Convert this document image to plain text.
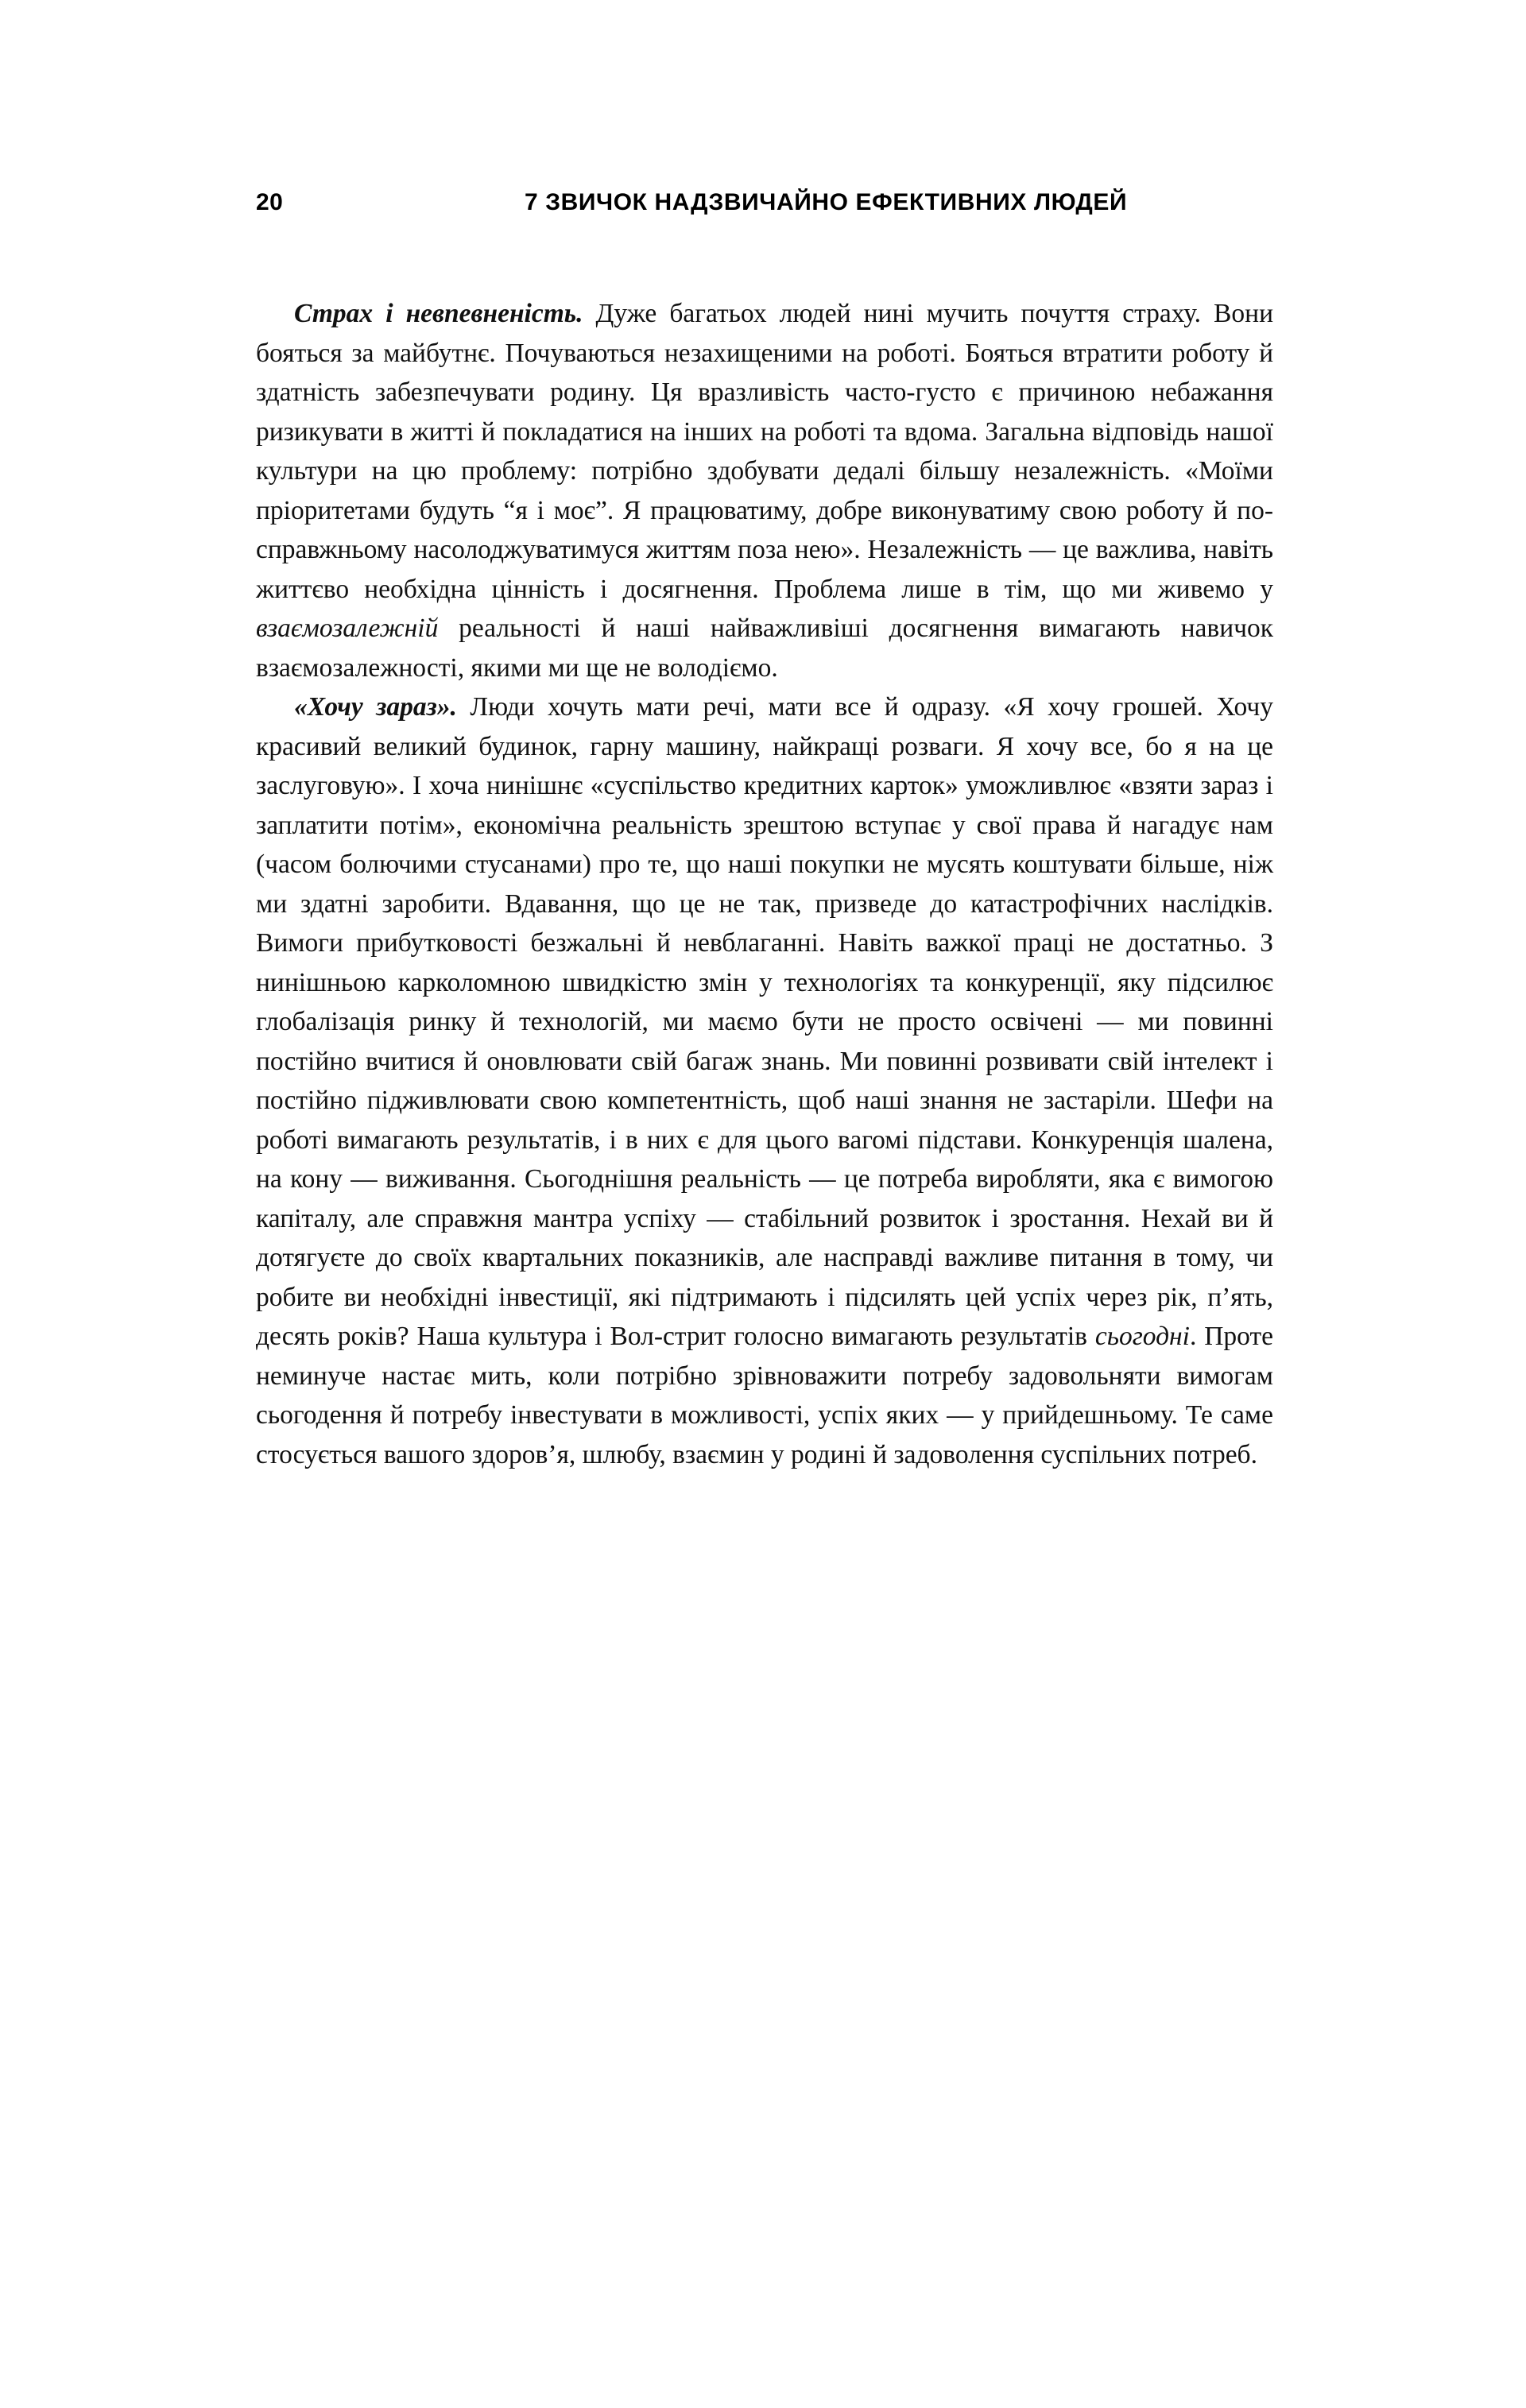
20	7 ЗВИЧОК НАДЗВИЧАЙНО ЕФЕКТИВНИХ ЛЮДЕЙ

Страх і невпевненість. Дуже багатьох людей нині мучить почуття страху. Вони бояться за майбутнє. Почуваються незахищеними на роботі. Бояться втратити роботу й здатність забезпечувати родину. Ця вразливість часто-густо є причиною небажання ризикувати в житті й покладатися на інших на роботі та вдома. Загальна відповідь нашої культури на цю проблему: потрібно здобувати дедалі більшу незалежність. «Моїми пріоритетами будуть “я і моє”. Я працюватиму, добре виконуватиму свою роботу й по-справжньому насолоджуватимуся життям поза нею». Незалежність — це важлива, навіть життєво необхідна цінність і досягнення. Проблема лише в тім, що ми живемо у взаємозалежній реальності й наші найважливіші досягнення вимагають навичок взаємозалежності, якими ми ще не володіємо.

«Хочу зараз». Люди хочуть мати речі, мати все й одразу. «Я хочу грошей. Хочу красивий великий будинок, гарну машину, найкращі розваги. Я хочу все, бо я на це заслуговую». І хоча нинішнє «суспільство кредитних карток» уможливлює «взяти зараз і заплатити потім», економічна реальність зрештою вступає у свої права й нагадує нам (часом болючими стусанами) про те, що наші покупки не мусять коштувати більше, ніж ми здатні заробити. Вдавання, що це не так, призведе до катастрофічних наслідків. Вимоги прибутковості безжальні й невблаганні. Навіть важкої праці не достатньо. З нинішньою карколомною швидкістю змін у технологіях та конкуренції, яку підсилює глобалізація ринку й технологій, ми маємо бути не просто освічені — ми повинні постійно вчитися й оновлювати свій багаж знань. Ми повинні розвивати свій інтелект і постійно підживлювати свою компетентність, щоб наші знання не застаріли. Шефи на роботі вимагають результатів, і в них є для цього вагомі підстави. Конкуренція шалена, на кону — виживання. Сьогоднішня реальність — це потреба виробляти, яка є вимогою капіталу, але справжня мантра успіху — стабільний розвиток і зростання. Нехай ви й дотягуєте до своїх квартальних показників, але насправді важливе питання в тому, чи робите ви необхідні інвестиції, які підтримають і підсилять цей успіх через рік, п’ять, десять років? Наша культура і Вол-стрит голосно вимагають результатів сьогодні. Проте неминуче настає мить, коли потрібно зрівноважити потребу задовольняти вимогам сьогодення й потребу інвестувати в можливості, успіх яких — у прийдешньому. Те саме стосується вашого здоров’я, шлюбу, взаємин у родині й задоволення суспільних потреб.
